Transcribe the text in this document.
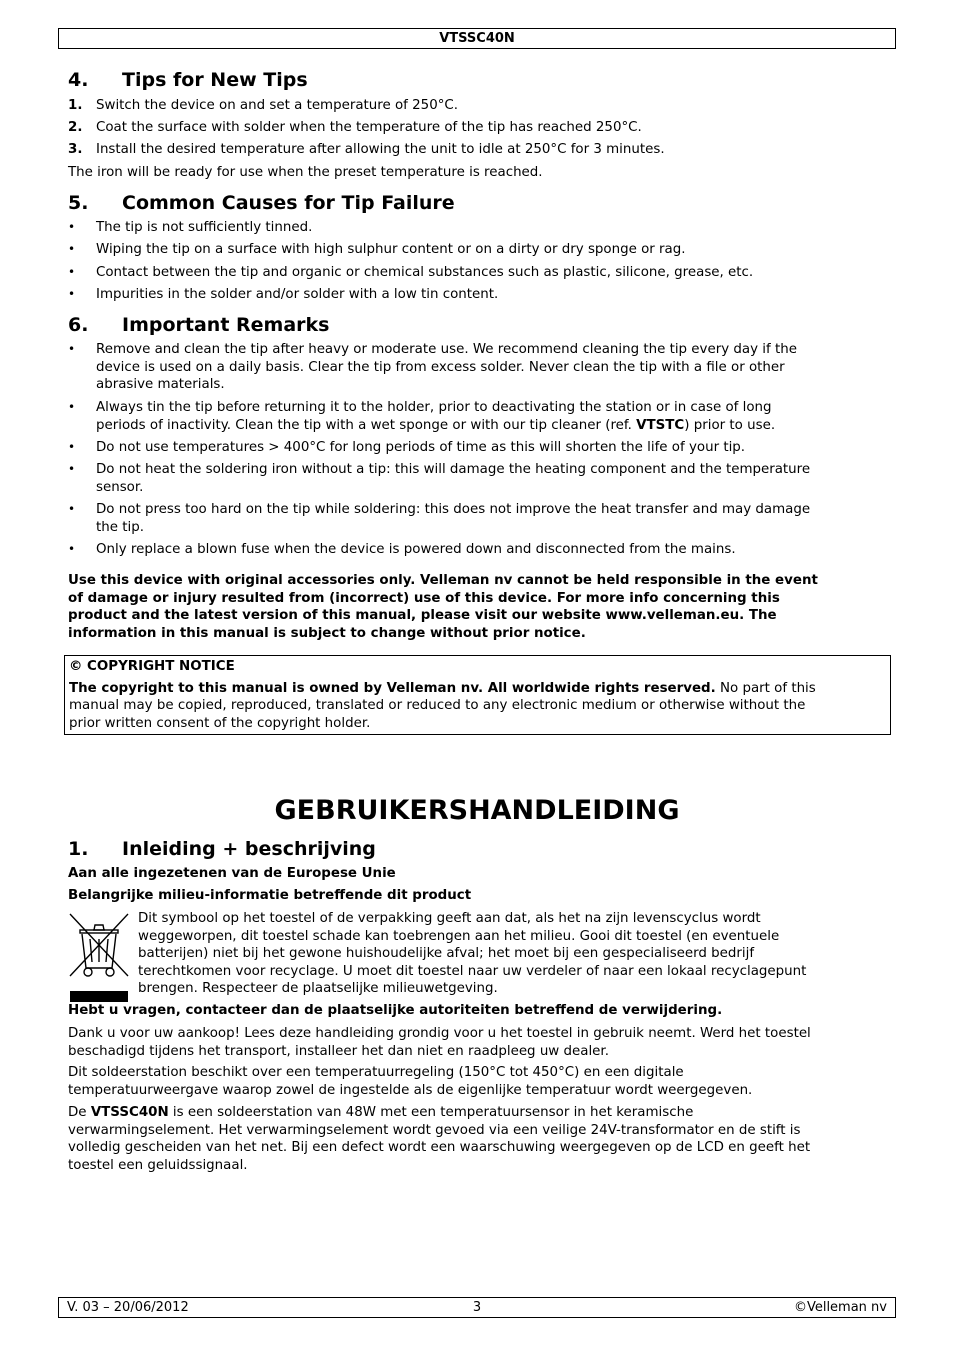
VTSSC40N
4. Tips for New Tips
1. Switch the device on and set a temperature of 250°C.
2. Coat the surface with solder when the temperature of the tip has reached 250°C.
3. Install the desired temperature after allowing the unit to idle at 250°C for 3 minutes.
The iron will be ready for use when the preset temperature is reached.
5. Common Causes for Tip Failure
• The tip is not sufficiently tinned.
• Wiping the tip on a surface with high sulphur content or on a dirty or dry sponge or rag.
• Contact between the tip and organic or chemical substances such as plastic, silicone, grease, etc.
• Impurities in the solder and/or solder with a low tin content.
6. Important Remarks
• Remove and clean the tip after heavy or moderate use. We recommend cleaning the tip every day if the
device is used on a daily basis. Clear the tip from excess solder. Never clean the tip with a file or other
abrasive materials.
• Always tin the tip before returning it to the holder, prior to deactivating the station or in case of long
periods of inactivity. Clean the tip with a wet sponge or with our tip cleaner (ref. VTSTC) prior to use.
• Do not use temperatures > 400°C for long periods of time as this will shorten the life of your tip.
• Do not heat the soldering iron without a tip: this will damage the heating component and the temperature
sensor.
• Do not press too hard on the tip while soldering: this does not improve the heat transfer and may damage
the tip.
• Only replace a blown fuse when the device is powered down and disconnected from the mains.
Use this device with original accessories only. Velleman nv cannot be held responsible in the event
of damage or injury resulted from (incorrect) use of this device. For more info concerning this
product and the latest version of this manual, please visit our website www.velleman.eu. The
information in this manual is subject to change without prior notice.
© COPYRIGHT NOTICE
The copyright to this manual is owned by Velleman nv. All worldwide rights reserved. No part of this
manual may be copied, reproduced, translated or reduced to any electronic medium or otherwise without the
prior written consent of the copyright holder.
GEBRUIKERSHANDLEIDING
1. Inleiding + beschrijving
Aan alle ingezetenen van de Europese Unie
Belangrijke milieu-informatie betreffende dit product
Dit symbool op het toestel of de verpakking geeft aan dat, als het na zijn levenscyclus wordt
weggeworpen, dit toestel schade kan toebrengen aan het milieu. Gooi dit toestel (en eventuele
batterijen) niet bij het gewone huishoudelijke afval; het moet bij een gespecialiseerd bedrijf
terechtkomen voor recyclage. U moet dit toestel naar uw verdeler of naar een lokaal recyclagepunt
brengen. Respecteer de plaatselijke milieuwetgeving.
Hebt u vragen, contacteer dan de plaatselijke autoriteiten betreffend de verwijdering.
Dank u voor uw aankoop! Lees deze handleiding grondig voor u het toestel in gebruik neemt. Werd het toestel
beschadigd tijdens het transport, installeer het dan niet en raadpleeg uw dealer.
Dit soldeerstation beschikt over een temperatuurregeling (150°C tot 450°C) en een digitale
temperatuurweergave waarop zowel de ingestelde als de eigenlijke temperatuur wordt weergegeven.
De VTSSC40N is een soldeerstation van 48W met een temperatuursensor in het keramische
verwarmingselement. Het verwarmingselement wordt gevoed via een veilige 24V-transformator en de stift is
volledig gescheiden van het net. Bij een defect wordt een waarschuwing weergegeven op de LCD en geeft het
toestel een geluidssignaal.
V. 03 – 20/06/2012	3	©Velleman nv
